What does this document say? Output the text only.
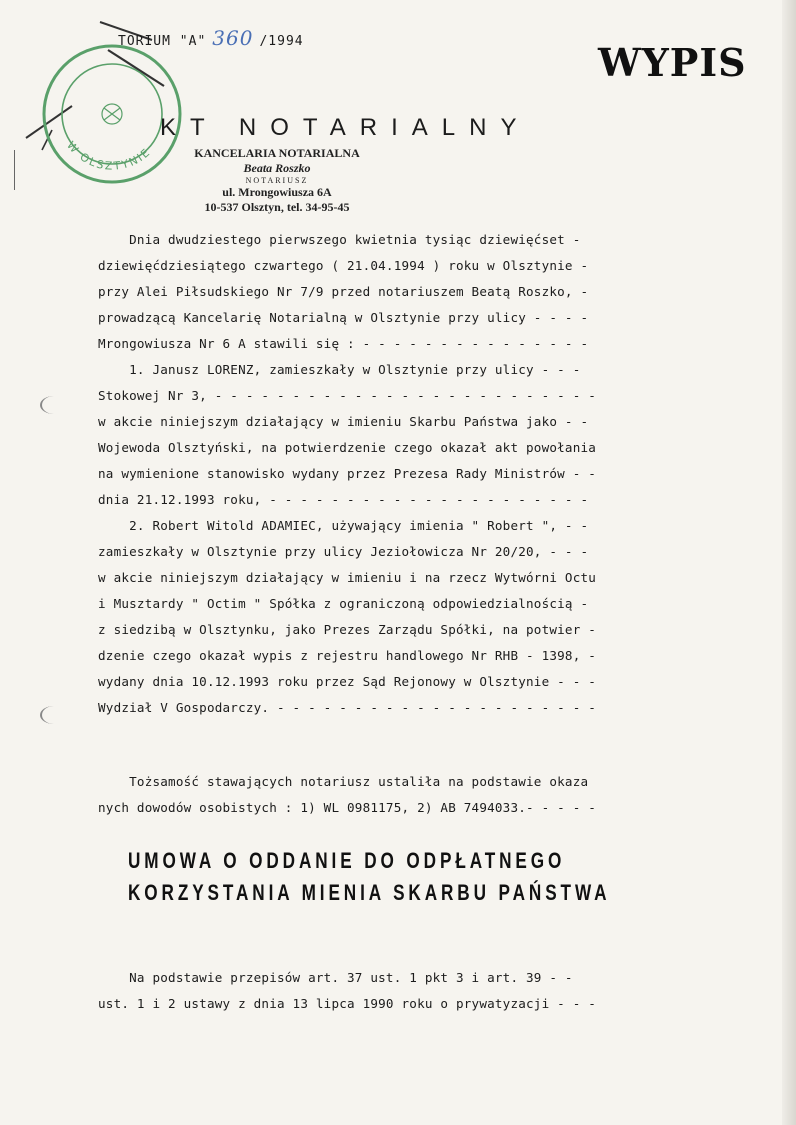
W OLSZTYNIE
TORIUM "A" 360 /1994	WYPIS
KT NOTARIALNY
KANCELARIA NOTARIALNA
Beata Roszko
NOTARIUSZ
ul. Mrongowiusza 6A
10-537 Olsztyn, tel. 34-95-45
Dnia dwudziestego pierwszego kwietnia tysiąc dziewięćset -
dziewięćdziesiątego czwartego ( 21.04.1994 ) roku w Olsztynie -
przy Alei Piłsudskiego Nr 7/9 przed notariuszem Beatą Roszko, -
prowadzącą Kancelarię Notarialną w Olsztynie przy ulicy - - - -
Mrongowiusza Nr 6 A stawili się : - - - - - - - - - - - - - - -
1. Janusz LORENZ, zamieszkały w Olsztynie przy ulicy - - -
Stokowej Nr 3, - - - - - - - - - - - - - - - - - - - - - - - - -
w akcie niniejszym działający w imieniu Skarbu Państwa jako - -
Wojewoda Olsztyński, na potwierdzenie czego okazał akt powołania
na wymienione stanowisko wydany przez Prezesa Rady Ministrów - -
dnia 21.12.1993 roku, - - - - - - - - - - - - - - - - - - - - -
2. Robert Witold ADAMIEC, używający imienia " Robert ", - -
zamieszkały w Olsztynie przy ulicy Jeziołowicza Nr 20/20, - - -
w akcie niniejszym działający w imieniu i na rzecz Wytwórni Octu
i Musztardy " Octim " Spółka z ograniczoną odpowiedzialnością -
z siedzibą w Olsztynku, jako Prezes Zarządu Spółki, na potwier -
dzenie czego okazał wypis z rejestru handlowego Nr RHB - 1398, -
wydany dnia 10.12.1993 roku przez Sąd Rejonowy w Olsztynie - - -
Wydział V Gospodarczy. - - - - - - - - - - - - - - - - - - - - -
Tożsamość stawających notariusz ustaliła na podstawie okaza
nych dowodów osobistych : 1) WL 0981175, 2) AB 7494033.- - - - -
UMOWA O ODDANIE DO ODPŁATNEGO
KORZYSTANIA MIENIA SKARBU PAŃSTWA
Na podstawie przepisów art. 37 ust. 1 pkt 3 i art. 39 - -
ust. 1 i 2 ustawy z dnia 13 lipca 1990 roku o prywatyzacji - - -
